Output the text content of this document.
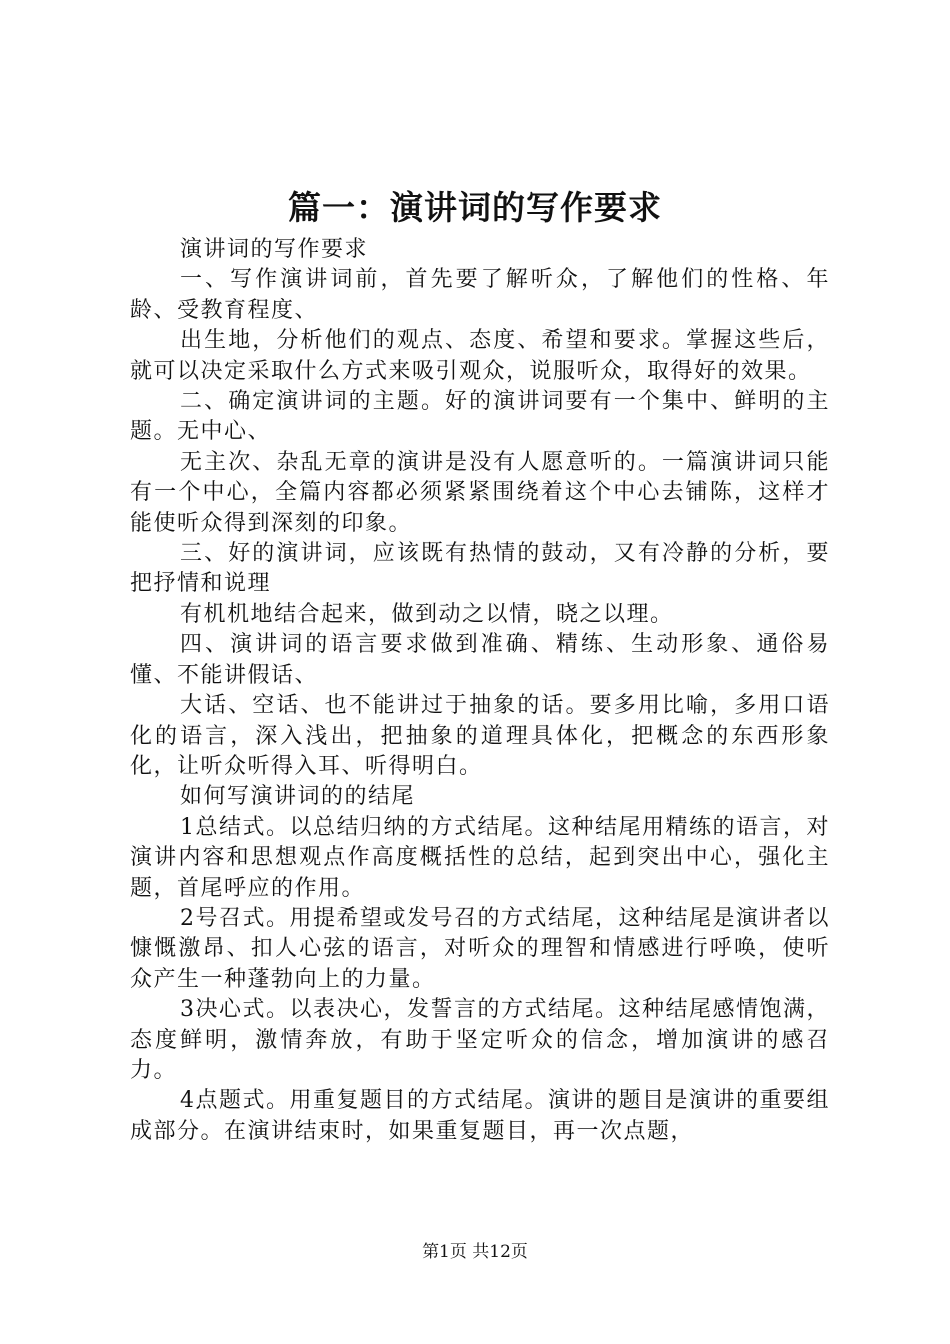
篇一：演讲词的写作要求

演讲词的写作要求

一、写作演讲词前，首先要了解听众，了解他们的性格、年龄、受教育程度、

出生地，分析他们的观点、态度、希望和要求。掌握这些后，就可以决定采取什么方式来吸引观众，说服听众，取得好的效果。

二、确定演讲词的主题。好的演讲词要有一个集中、鲜明的主题。无中心、

无主次、杂乱无章的演讲是没有人愿意听的。一篇演讲词只能有一个中心，全篇内容都必须紧紧围绕着这个中心去铺陈，这样才能使听众得到深刻的印象。

三、好的演讲词，应该既有热情的鼓动，又有冷静的分析，要把抒情和说理

有机机地结合起来，做到动之以情，晓之以理。

四、演讲词的语言要求做到准确、精练、生动形象、通俗易懂、不能讲假话、

大话、空话、也不能讲过于抽象的话。要多用比喻，多用口语化的语言，深入浅出，把抽象的道理具体化，把概念的东西形象化，让听众听得入耳、听得明白。

如何写演讲词的的结尾

1总结式。以总结归纳的方式结尾。这种结尾用精练的语言，对演讲内容和思想观点作高度概括性的总结，起到突出中心，强化主题，首尾呼应的作用。

2号召式。用提希望或发号召的方式结尾，这种结尾是演讲者以慷慨激昂、扣人心弦的语言，对听众的理智和情感进行呼唤，使听众产生一种蓬勃向上的力量。

3决心式。以表决心，发誓言的方式结尾。这种结尾感情饱满，态度鲜明，激情奔放，有助于坚定听众的信念，增加演讲的感召力。

4点题式。用重复题目的方式结尾。演讲的题目是演讲的重要组成部分。在演讲结束时，如果重复题目，再一次点题，

第1页 共12页
